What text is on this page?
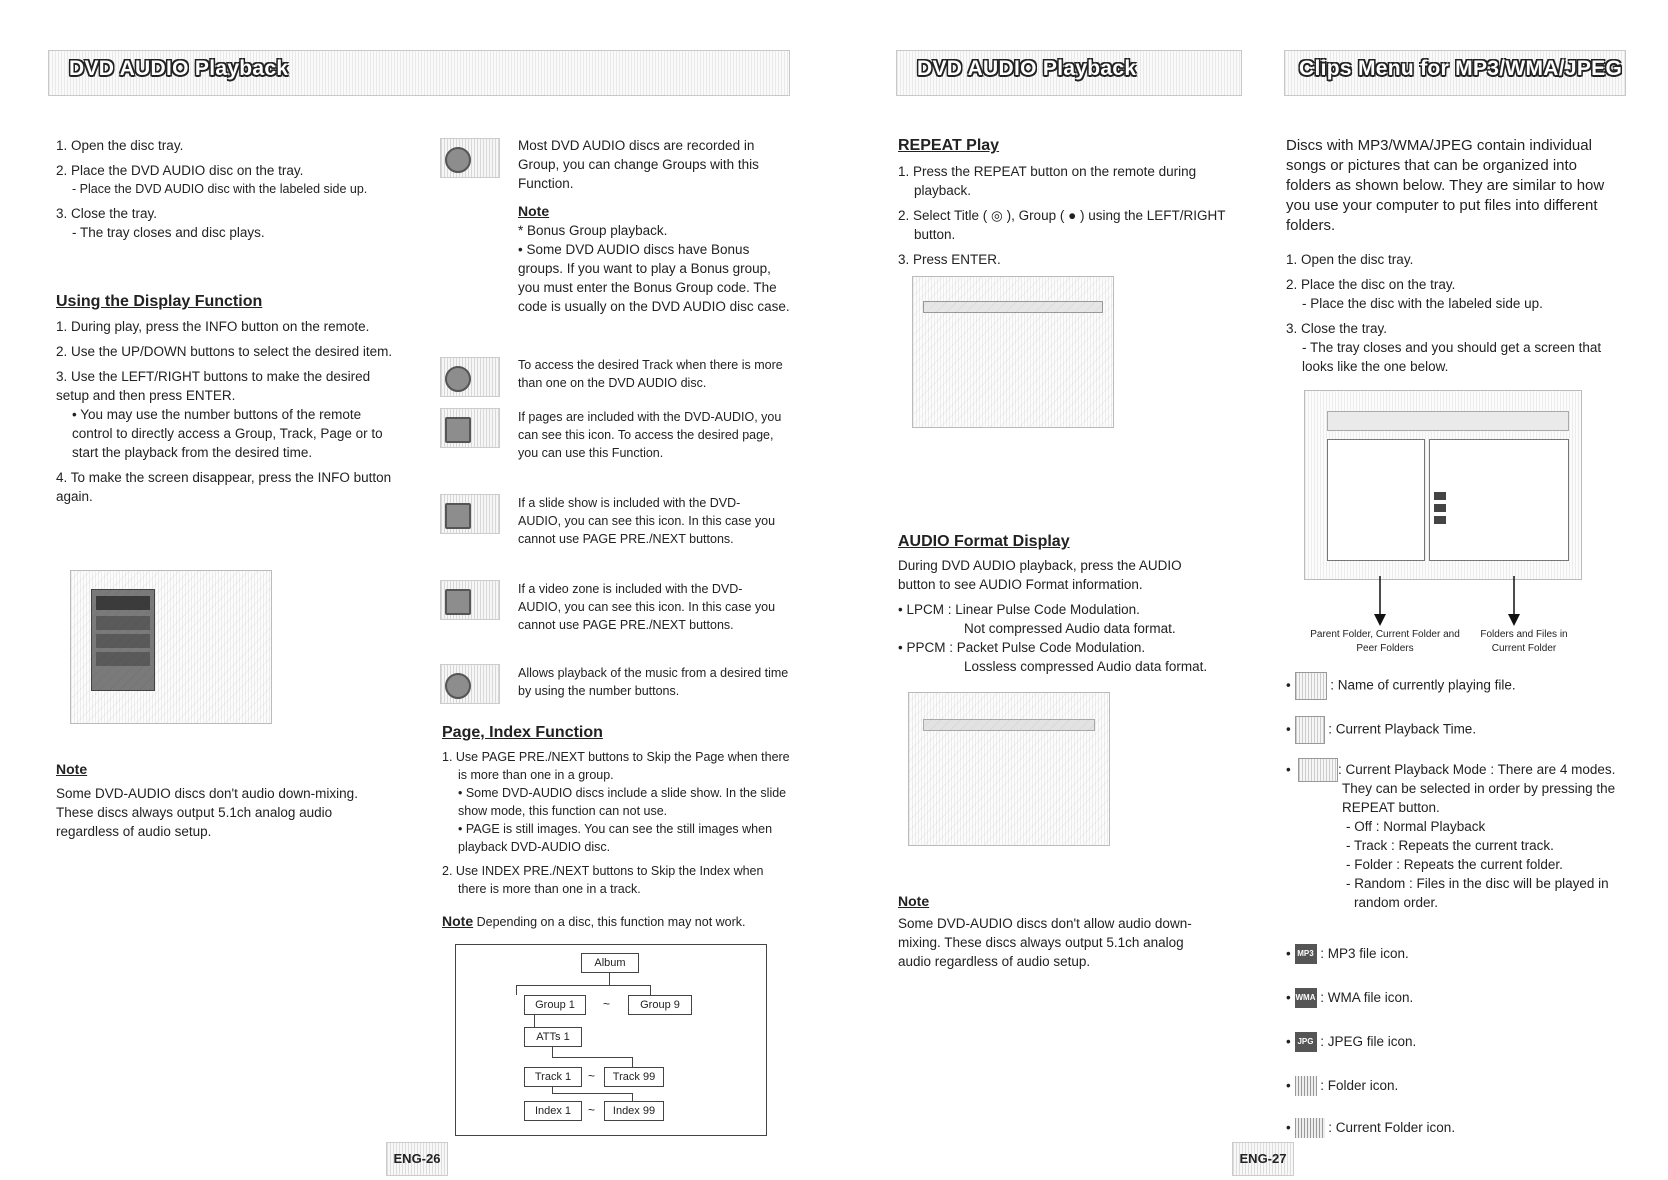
DVD AUDIO Playback
1. Open the disc tray.
2. Place the DVD AUDIO disc on the tray.
- Place the DVD AUDIO disc with the labeled side up.
3. Close the tray.
- The tray closes and disc plays.
Using the Display Function
1. During play, press the INFO button on the remote.
2. Use the UP/DOWN buttons to select the desired item.
3. Use the LEFT/RIGHT buttons to make the desired setup and then press ENTER.
• You may use the number buttons of the remote control to directly access a Group, Track, Page or to start the playback from the desired time.
4. To make the screen disappear, press the INFO button again.
Note
Some DVD-AUDIO discs don't audio down-mixing. These discs always output 5.1ch analog audio regardless of audio setup.
Most DVD AUDIO discs are recorded in Group, you can change Groups with this Function.
Note
* Bonus Group playback.
• Some DVD AUDIO discs have Bonus groups. If you want to play a Bonus group, you must enter the Bonus Group code. The code is usually on the DVD AUDIO disc case.
To access the desired Track when there is more than one on the DVD AUDIO disc.
If pages are included with the DVD-AUDIO, you can see this icon. To access the desired page, you can use this Function.
If a slide show is included with the DVD-AUDIO, you can see this icon. In this case you cannot use PAGE PRE./NEXT buttons.
If a video zone is included with the DVD-AUDIO, you can see this icon. In this case you cannot use PAGE PRE./NEXT buttons.
Allows playback of the music from a desired time by using the number buttons.
Page, Index Function
1. Use PAGE PRE./NEXT buttons to Skip the Page when there is more than one in a group.
• Some DVD-AUDIO discs include a slide show. In the slide show mode, this function can not use.
• PAGE is still images. You can see the still images when playback DVD-AUDIO disc.
2. Use INDEX PRE./NEXT buttons to Skip the Index when there is more than one in a track.
Note Depending on a disc, this function may not work.
Album
Group 1	~	Group 9
ATTs 1
Track 1	~	Track 99
Index 1	~	Index 99
ENG-26
DVD AUDIO Playback
REPEAT Play
1. Press the REPEAT button on the remote during playback.
2. Select Title ( ◎ ), Group ( ● ) using the LEFT/RIGHT button.
3. Press ENTER.
AUDIO Format Display
During DVD AUDIO playback, press the AUDIO button to see AUDIO Format information.
• LPCM : Linear Pulse Code Modulation.
Not compressed Audio data format.
• PPCM : Packet Pulse Code Modulation.
Lossless compressed Audio data format.
Note
Some DVD-AUDIO discs don't allow audio down-mixing. These discs always output 5.1ch analog audio regardless of audio setup.
ENG-27
Clips Menu for MP3/WMA/JPEG
Discs with MP3/WMA/JPEG contain individual songs or pictures that can be organized into folders as shown below. They are similar to how you use your computer to put files into different folders.
1. Open the disc tray.
2. Place the disc on the tray.
- Place the disc with the labeled side up.
3. Close the tray.
- The tray closes and you should get a screen that looks like the one below.
Parent Folder, Current Folder and Peer Folders
Folders and Files in Current Folder
•	: Name of currently playing file.
•	: Current Playback Time.
•	: Current Playback Mode : There are 4 modes. They can be selected in order by pressing the REPEAT button.
- Off : Normal Playback
- Track : Repeats the current track.
- Folder : Repeats the current folder.
- Random : Files in the disc will be played in random order.
• MP3 : MP3 file icon.
• WMA : WMA file icon.
• JPG : JPEG file icon.
• : Folder icon.
•	: Current Folder icon.
